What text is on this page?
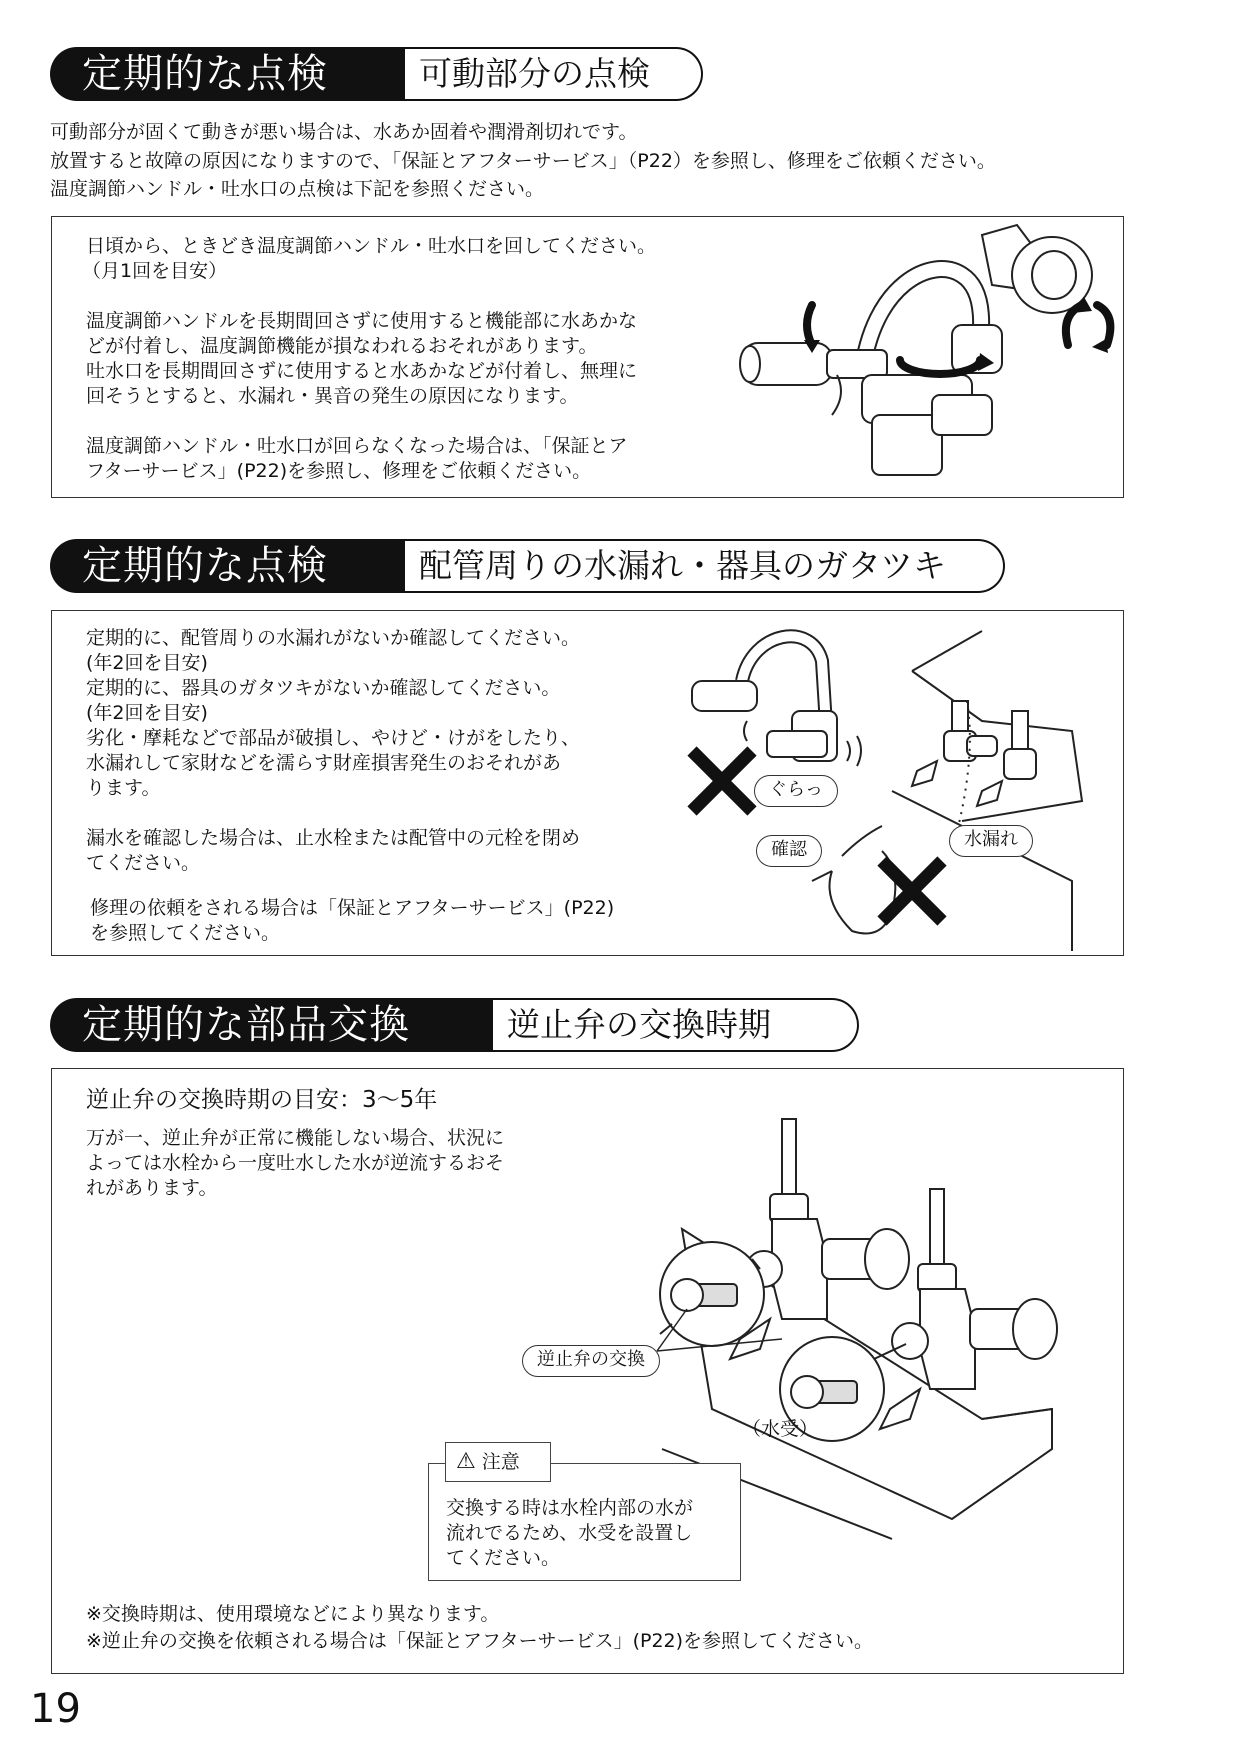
定期的な点検	可動部分の点検
可動部分が固くて動きが悪い場合は、水あか固着や潤滑剤切れです。
放置すると故障の原因になりますので、「保証とアフターサービス」（P22）を参照し、修理をご依頼ください。
温度調節ハンドル・吐水口の点検は下記を参照ください。
日頃から、ときどき温度調節ハンドル・吐水口を回してください。
（月1回を目安）
温度調節ハンドルを長期間回さずに使用すると機能部に水あかな
どが付着し、温度調節機能が損なわれるおそれがあります。
吐水口を長期間回さずに使用すると水あかなどが付着し、無理に
回そうとすると、水漏れ・異音の発生の原因になります。
温度調節ハンドル・吐水口が回らなくなった場合は、「保証とア
フターサービス」(P22)を参照し、修理をご依頼ください。
定期的な点検	配管周りの水漏れ・器具のガタツキ
定期的に、配管周りの水漏れがないか確認してください。
(年2回を目安)
定期的に、器具のガタツキがないか確認してください。
(年2回を目安)
劣化・摩耗などで部品が破損し、やけど・けがをしたり、
水漏れして家財などを濡らす財産損害発生のおそれがあ
ります。
漏水を確認した場合は、止水栓または配管中の元栓を閉め
てください。
修理の依頼をされる場合は「保証とアフターサービス」(P22)
を参照してください。
ぐらっ
確認	水漏れ
定期的な部品交換	逆止弁の交換時期
逆止弁の交換時期の目安：3〜5年
万が一、逆止弁が正常に機能しない場合、状況に
よっては水栓から一度吐水した水が逆流するおそ
れがあります。
逆止弁の交換
（水受）
⚠ 注意
交換する時は水栓内部の水が
流れでるため、水受を設置し
てください。
※交換時期は、使用環境などにより異なります。
※逆止弁の交換を依頼される場合は「保証とアフターサービス」(P22)を参照してください。
19
